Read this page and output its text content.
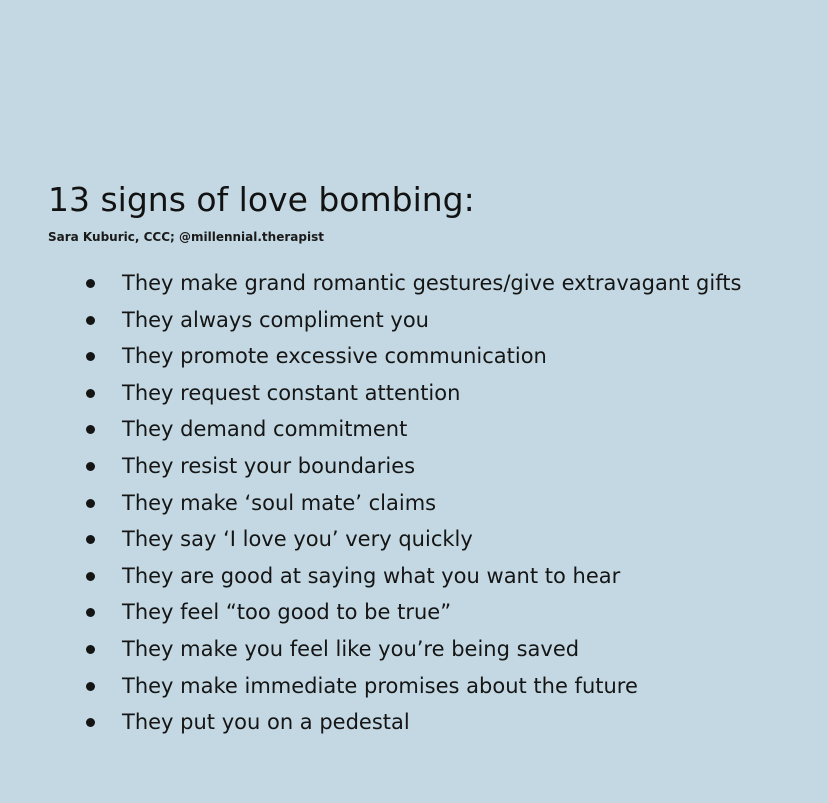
13 signs of love bombing:

Sara Kuburic, CCC; @millennial.therapist

They make grand romantic gestures/give extravagant gifts
They always compliment you
They promote excessive communication
They request constant attention
They demand commitment
They resist your boundaries
They make ‘soul mate’ claims
They say ‘I love you’ very quickly
They are good at saying what you want to hear
They feel “too good to be true”
They make you feel like you’re being saved
They make immediate promises about the future
They put you on a pedestal
